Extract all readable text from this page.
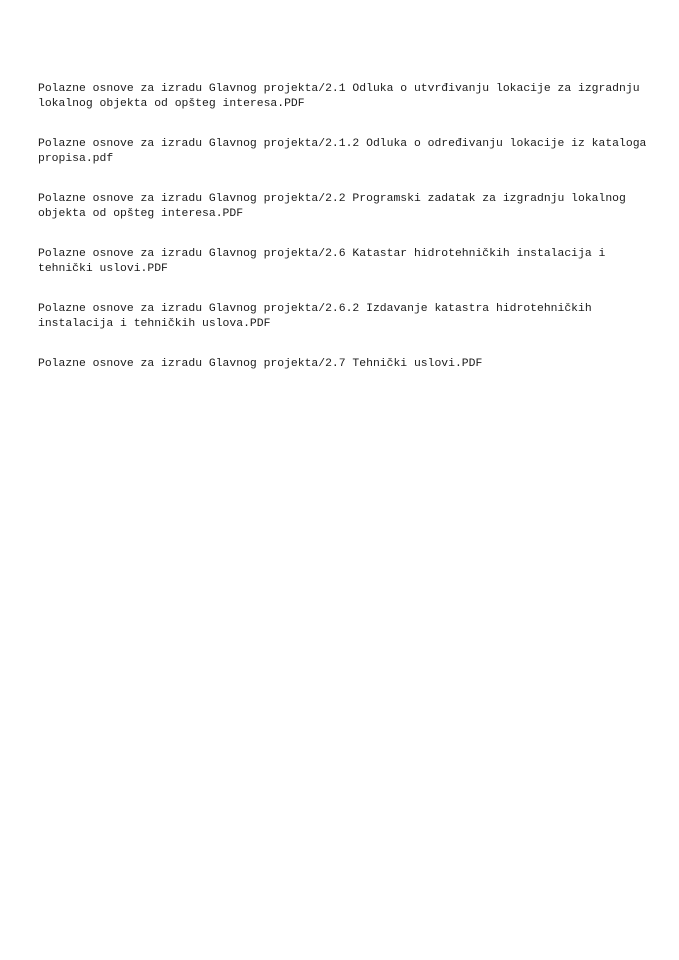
Polazne osnove za izradu Glavnog projekta/2.1 Odluka o utvrđivanju lokacije za izgradnju lokalnog objekta od opšteg interesa.PDF
Polazne osnove za izradu Glavnog projekta/2.1.2 Odluka o određivanju lokacije iz kataloga propisa.pdf
Polazne osnove za izradu Glavnog projekta/2.2 Programski zadatak za izgradnju lokalnog objekta od opšteg interesa.PDF
Polazne osnove za izradu Glavnog projekta/2.6 Katastar hidrotehničkih instalacija i tehnički uslovi.PDF
Polazne osnove za izradu Glavnog projekta/2.6.2 Izdavanje katastra hidrotehničkih instalacija i tehničkih uslova.PDF
Polazne osnove za izradu Glavnog projekta/2.7 Tehnički uslovi.PDF
